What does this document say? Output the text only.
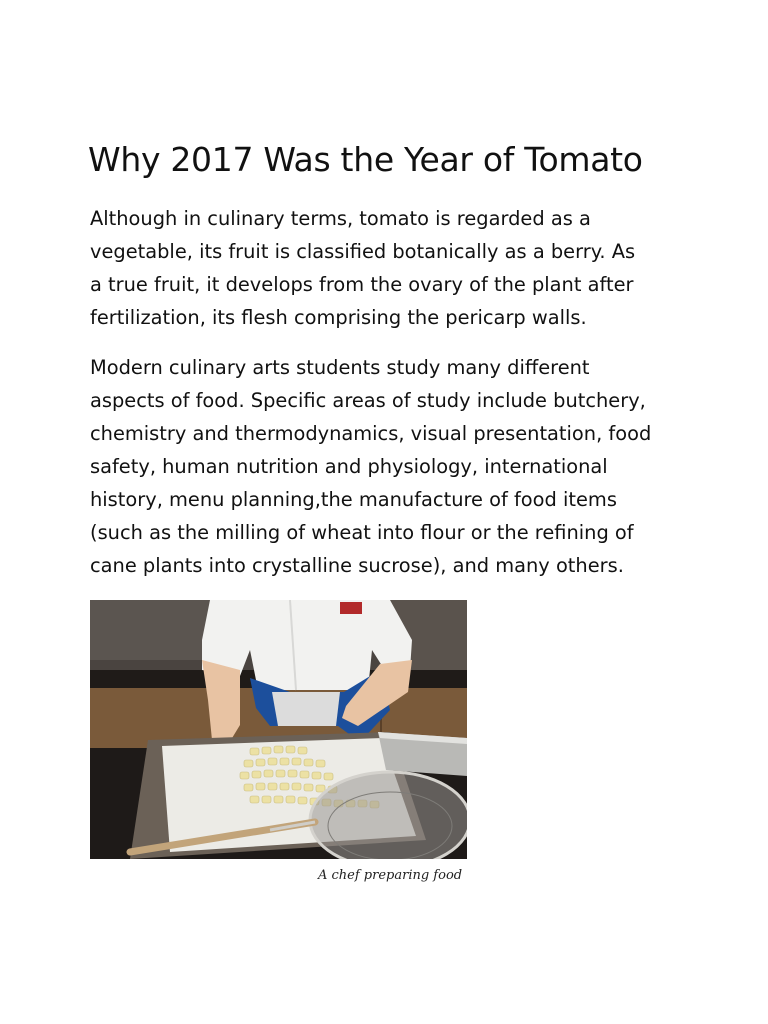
Why 2017 Was the Year of Tomato

Although in culinary terms, tomato is regarded as a
vegetable, its fruit is classified botanically as a berry. As
a true fruit, it develops from the ovary of the plant after
fertilization, its flesh comprising the pericarp walls.

Modern culinary arts students study many different
aspects of food. Specific areas of study include butchery,
chemistry and thermodynamics, visual presentation, food
safety, human nutrition and physiology, international
history, menu planning,the manufacture of food items
(such as the milling of wheat into flour or the refining of
cane plants into crystalline sucrose), and many others.

A chef preparing food
